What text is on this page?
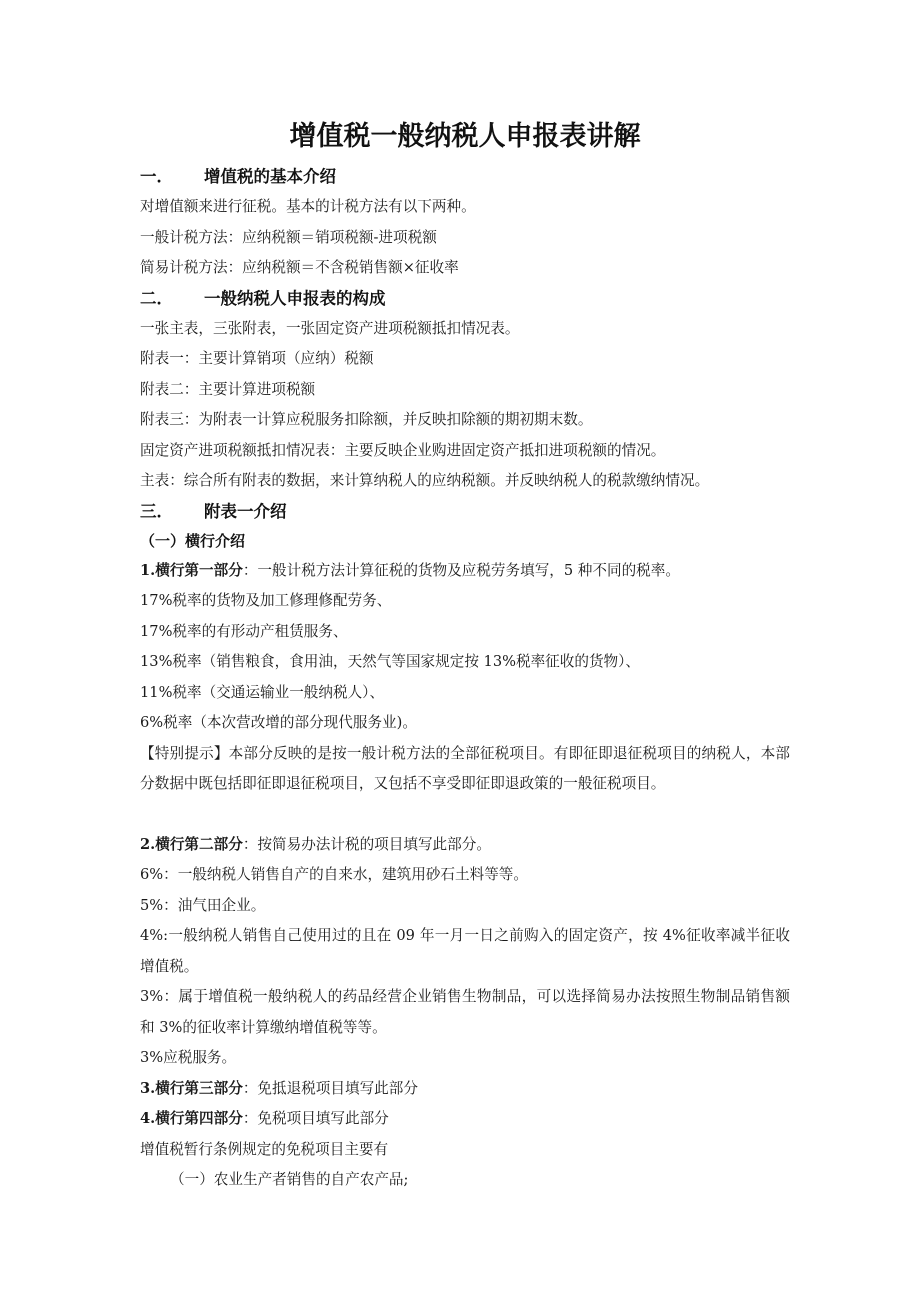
增值税一般纳税人申报表讲解
一．	增值税的基本介绍

对增值额来进行征税。基本的计税方法有以下两种。

一般计税方法：应纳税额＝销项税额-进项税额

简易计税方法：应纳税额＝不含税销售额×征收率

二．	一般纳税人申报表的构成

一张主表，三张附表，一张固定资产进项税额抵扣情况表。

附表一：主要计算销项（应纳）税额

附表二：主要计算进项税额

附表三：为附表一计算应税服务扣除额，并反映扣除额的期初期末数。

固定资产进项税额抵扣情况表：主要反映企业购进固定资产抵扣进项税额的情况。

主表：综合所有附表的数据，来计算纳税人的应纳税额。并反映纳税人的税款缴纳情况。

三．	附表一介绍
（一）横行介绍

1.横行第一部分：一般计税方法计算征税的货物及应税劳务填写，5 种不同的税率。

17%税率的货物及加工修理修配劳务、

17%税率的有形动产租赁服务、

13%税率（销售粮食，食用油，天然气等国家规定按 13%税率征收的货物）、

11%税率（交通运输业一般纳税人）、

6%税率（本次营改增的部分现代服务业)。

【特别提示】本部分反映的是按一般计税方法的全部征税项目。有即征即退征税项目的纳税人，本部分数据中既包括即征即退征税项目，又包括不享受即征即退政策的一般征税项目。

2.横行第二部分：按简易办法计税的项目填写此部分。

6%：一般纳税人销售自产的自来水，建筑用砂石土料等等。

5%：油气田企业。

4%:一般纳税人销售自己使用过的且在 09 年一月一日之前购入的固定资产，按 4%征收率减半征收增值税。

3%：属于增值税一般纳税人的药品经营企业销售生物制品，可以选择简易办法按照生物制品销售额和 3%的征收率计算缴纳增值税等等。

3%应税服务。

3.横行第三部分：免抵退税项目填写此部分

4.横行第四部分：免税项目填写此部分

增值税暂行条例规定的免税项目主要有

（一）农业生产者销售的自产农产品;
